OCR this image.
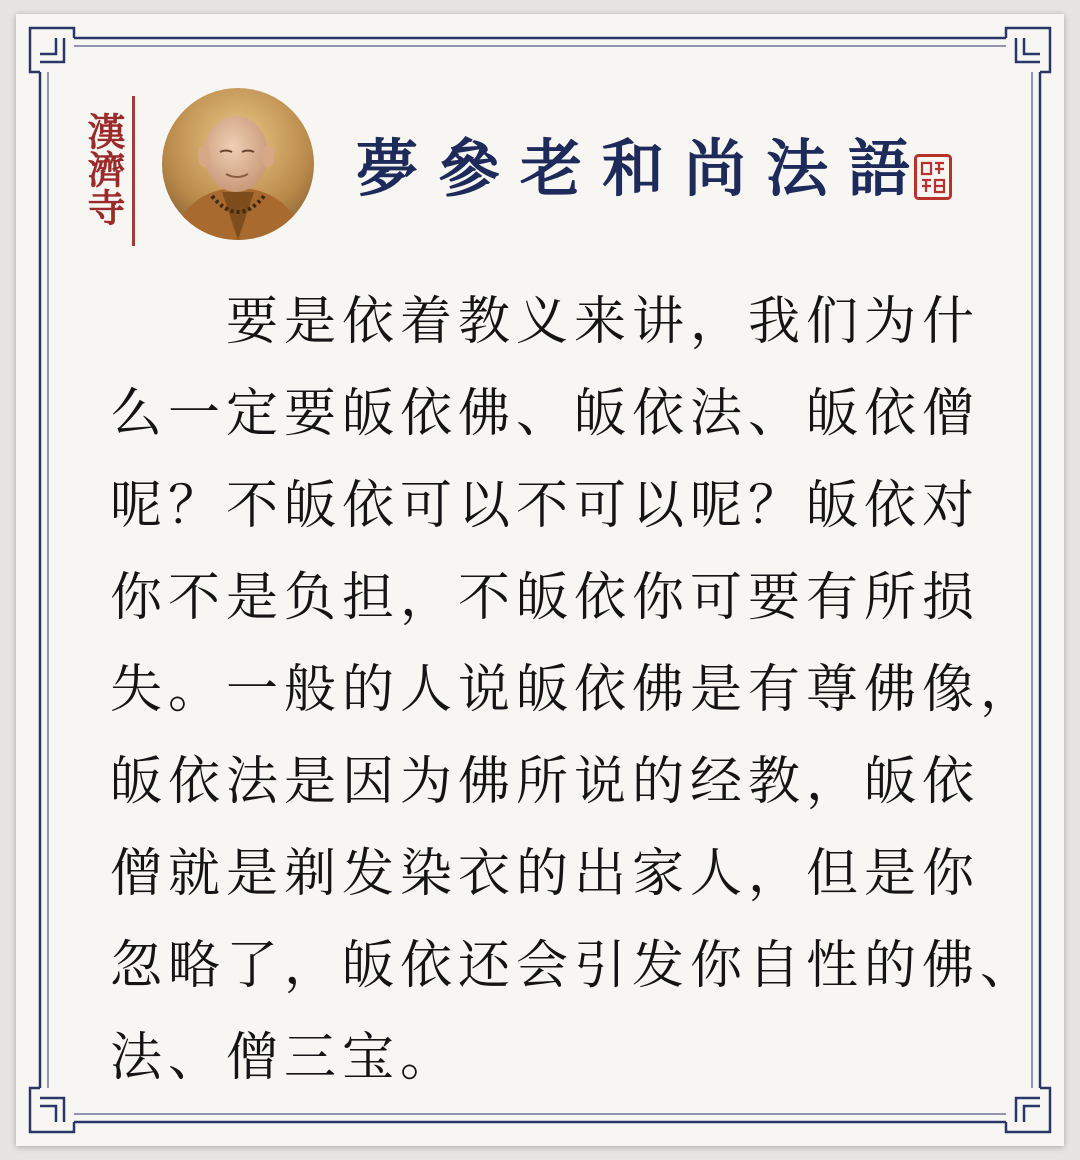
漢濟寺	夢參老和尚法語
　　要是依着教义来讲，我们为什
么一定要皈依佛、皈依法、皈依僧
呢？不皈依可以不可以呢？皈依对
你不是负担，不皈依你可要有所损
失。一般的人说皈依佛是有尊佛像，
皈依法是因为佛所说的经教，皈依
僧就是剃发染衣的出家人，但是你
忽略了，皈依还会引发你自性的佛、
法、僧三宝。
